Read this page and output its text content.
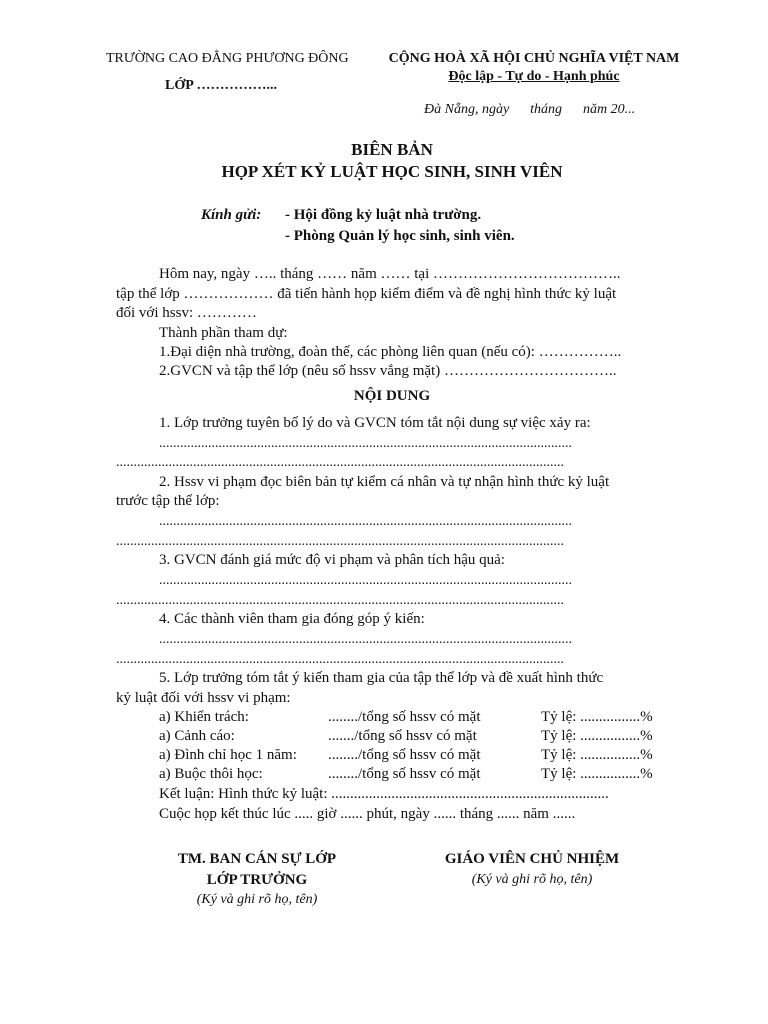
TRƯỜNG CAO ĐẲNG PHƯƠNG ĐÔNG
LỚP ……………...
CỘNG HOÀ XÃ HỘI CHỦ NGHĨA VIỆT NAM
Độc lập - Tự do - Hạnh phúc
Đà Nẵng, ngày      tháng      năm 20...
BIÊN BẢN
HỌP XÉT KỶ LUẬT HỌC SINH, SINH VIÊN
Kính gửi: - Hội đồng kỷ luật nhà trường.
- Phòng Quản lý học sinh, sinh viên.
Hôm nay, ngày ….. tháng …… năm …… tại ………………………………..
tập thể lớp ……………… đã tiến hành họp kiểm điểm và đề nghị hình thức kỷ luật
đối với hssv: …………
Thành phần tham dự:
1.Đại diện nhà trường, đoàn thể, các phòng liên quan (nếu có): ……………..
2.GVCN và tập thể lớp (nêu số hssv vắng mặt) ……………………………..
NỘI DUNG
1. Lớp trưởng tuyên bố lý do và GVCN tóm tắt nội dung sự việc xảy ra:
......................................................................................................................
................................................................................................................................
2. Hssv vi phạm đọc biên bản tự kiểm cá nhân và tự nhận hình thức kỷ luật
trước tập thể lớp:
......................................................................................................................
................................................................................................................................
3. GVCN đánh giá mức độ vi phạm và phân tích hậu quả:
......................................................................................................................
................................................................................................................................
4. Các thành viên tham gia đóng góp ý kiến:
......................................................................................................................
................................................................................................................................
5. Lớp trưởng tóm tắt ý kiến tham gia của tập thể lớp và đề xuất hình thức
kỷ luật đối với hssv vi phạm:
a) Khiển trách:	......../tổng số hssv có mặt	Tỷ lệ: ................%
a) Cảnh cáo:	......./tổng số hssv có mặt	Tỷ lệ: ................%
a) Đình chỉ học 1 năm: ......../tổng số hssv có mặt	Tỷ lệ: ................%
a) Buộc thôi học:	......../tổng số hssv có mặt	Tỷ lệ: ................%
Kết luận: Hình thức kỷ luật: ..........................................................................
Cuộc họp kết thúc lúc ..... giờ ...... phút, ngày ...... tháng ...... năm ......
TM. BAN CÁN SỰ LỚP
LỚP TRƯỞNG
(Ký và ghi rõ họ, tên)
GIÁO VIÊN CHỦ NHIỆM
(Ký và ghi rõ họ, tên)
